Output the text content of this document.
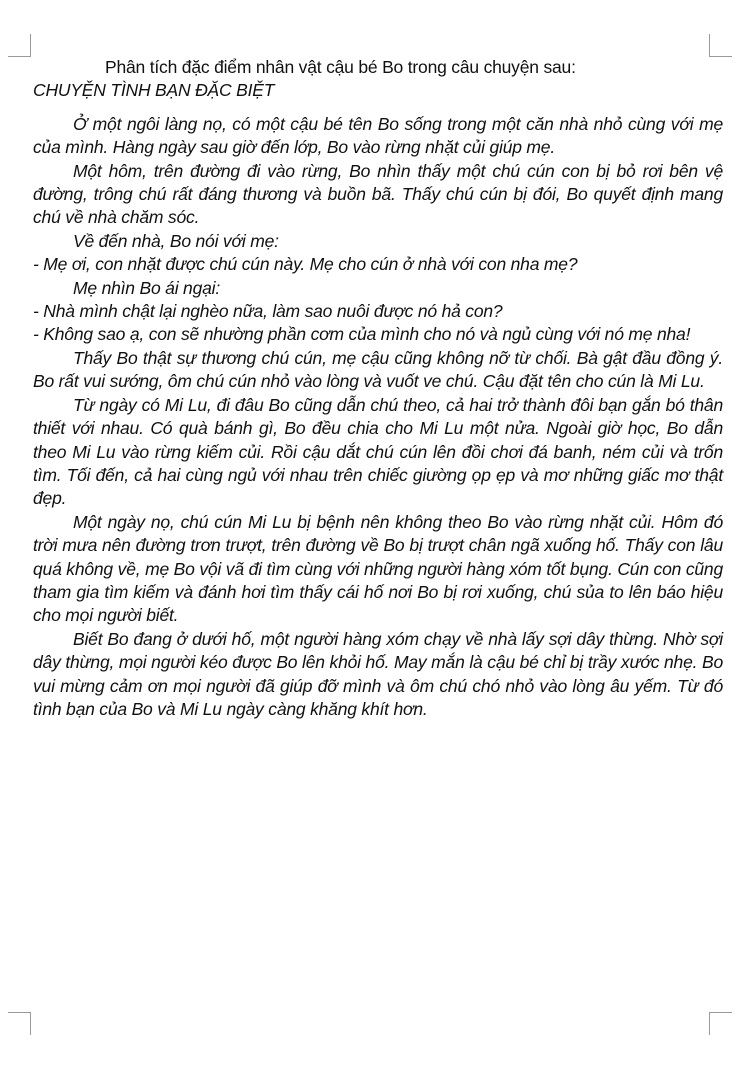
Phân tích đặc điểm nhân vật cậu bé Bo trong câu chuyện sau:

CHUYỆN TÌNH BẠN ĐẶC BIỆT

Ở một ngôi làng nọ, có một cậu bé tên Bo sống trong một căn nhà nhỏ cùng với mẹ của mình. Hàng ngày sau giờ đến lớp, Bo vào rừng nhặt củi giúp mẹ.

Một hôm, trên đường đi vào rừng, Bo nhìn thấy một chú cún con bị bỏ rơi bên vệ đường, trông chú rất đáng thương và buồn bã. Thấy chú cún bị đói, Bo quyết định mang chú về nhà chăm sóc.

Về đến nhà, Bo nói với mẹ:

- Mẹ ơi, con nhặt được chú cún này. Mẹ cho cún ở nhà với con nha mẹ?

Mẹ nhìn Bo ái ngại:

- Nhà mình chật lại nghèo nữa, làm sao nuôi được nó hả con?

- Không sao ạ, con sẽ nhường phần cơm của mình cho nó và ngủ cùng với nó mẹ nha!

Thấy Bo thật sự thương chú cún, mẹ cậu cũng không nỡ từ chối. Bà gật đầu đồng ý. Bo rất vui sướng, ôm chú cún nhỏ vào lòng và vuốt ve chú. Cậu đặt tên cho cún là Mi Lu.

Từ ngày có Mi Lu, đi đâu Bo cũng dẫn chú theo, cả hai trở thành đôi bạn gắn bó thân thiết với nhau. Có quà bánh gì, Bo đều chia cho Mi Lu một nửa. Ngoài giờ học, Bo dẫn theo Mi Lu vào rừng kiếm củi. Rồi cậu dắt chú cún lên đồi chơi đá banh, ném củi và trốn tìm. Tối đến, cả hai cùng ngủ với nhau trên chiếc giường ọp ẹp và mơ những giấc mơ thật đẹp.

Một ngày nọ, chú cún Mi Lu bị bệnh nên không theo Bo vào rừng nhặt củi. Hôm đó trời mưa nên đường trơn trượt, trên đường về Bo bị trượt chân ngã xuống hố. Thấy con lâu quá không về, mẹ Bo vội vã đi tìm cùng với những người hàng xóm tốt bụng. Cún con cũng tham gia tìm kiếm và đánh hơi tìm thấy cái hố nơi Bo bị rơi xuống, chú sủa to lên báo hiệu cho mọi người biết.

Biết Bo đang ở dưới hố, một người hàng xóm chạy về nhà lấy sợi dây thừng. Nhờ sợi dây thừng, mọi người kéo được Bo lên khỏi hố. May mắn là cậu bé chỉ bị trầy xước nhẹ. Bo vui mừng cảm ơn mọi người đã giúp đỡ mình và ôm chú chó nhỏ vào lòng âu yếm. Từ đó tình bạn của Bo và Mi Lu ngày càng khăng khít hơn.
